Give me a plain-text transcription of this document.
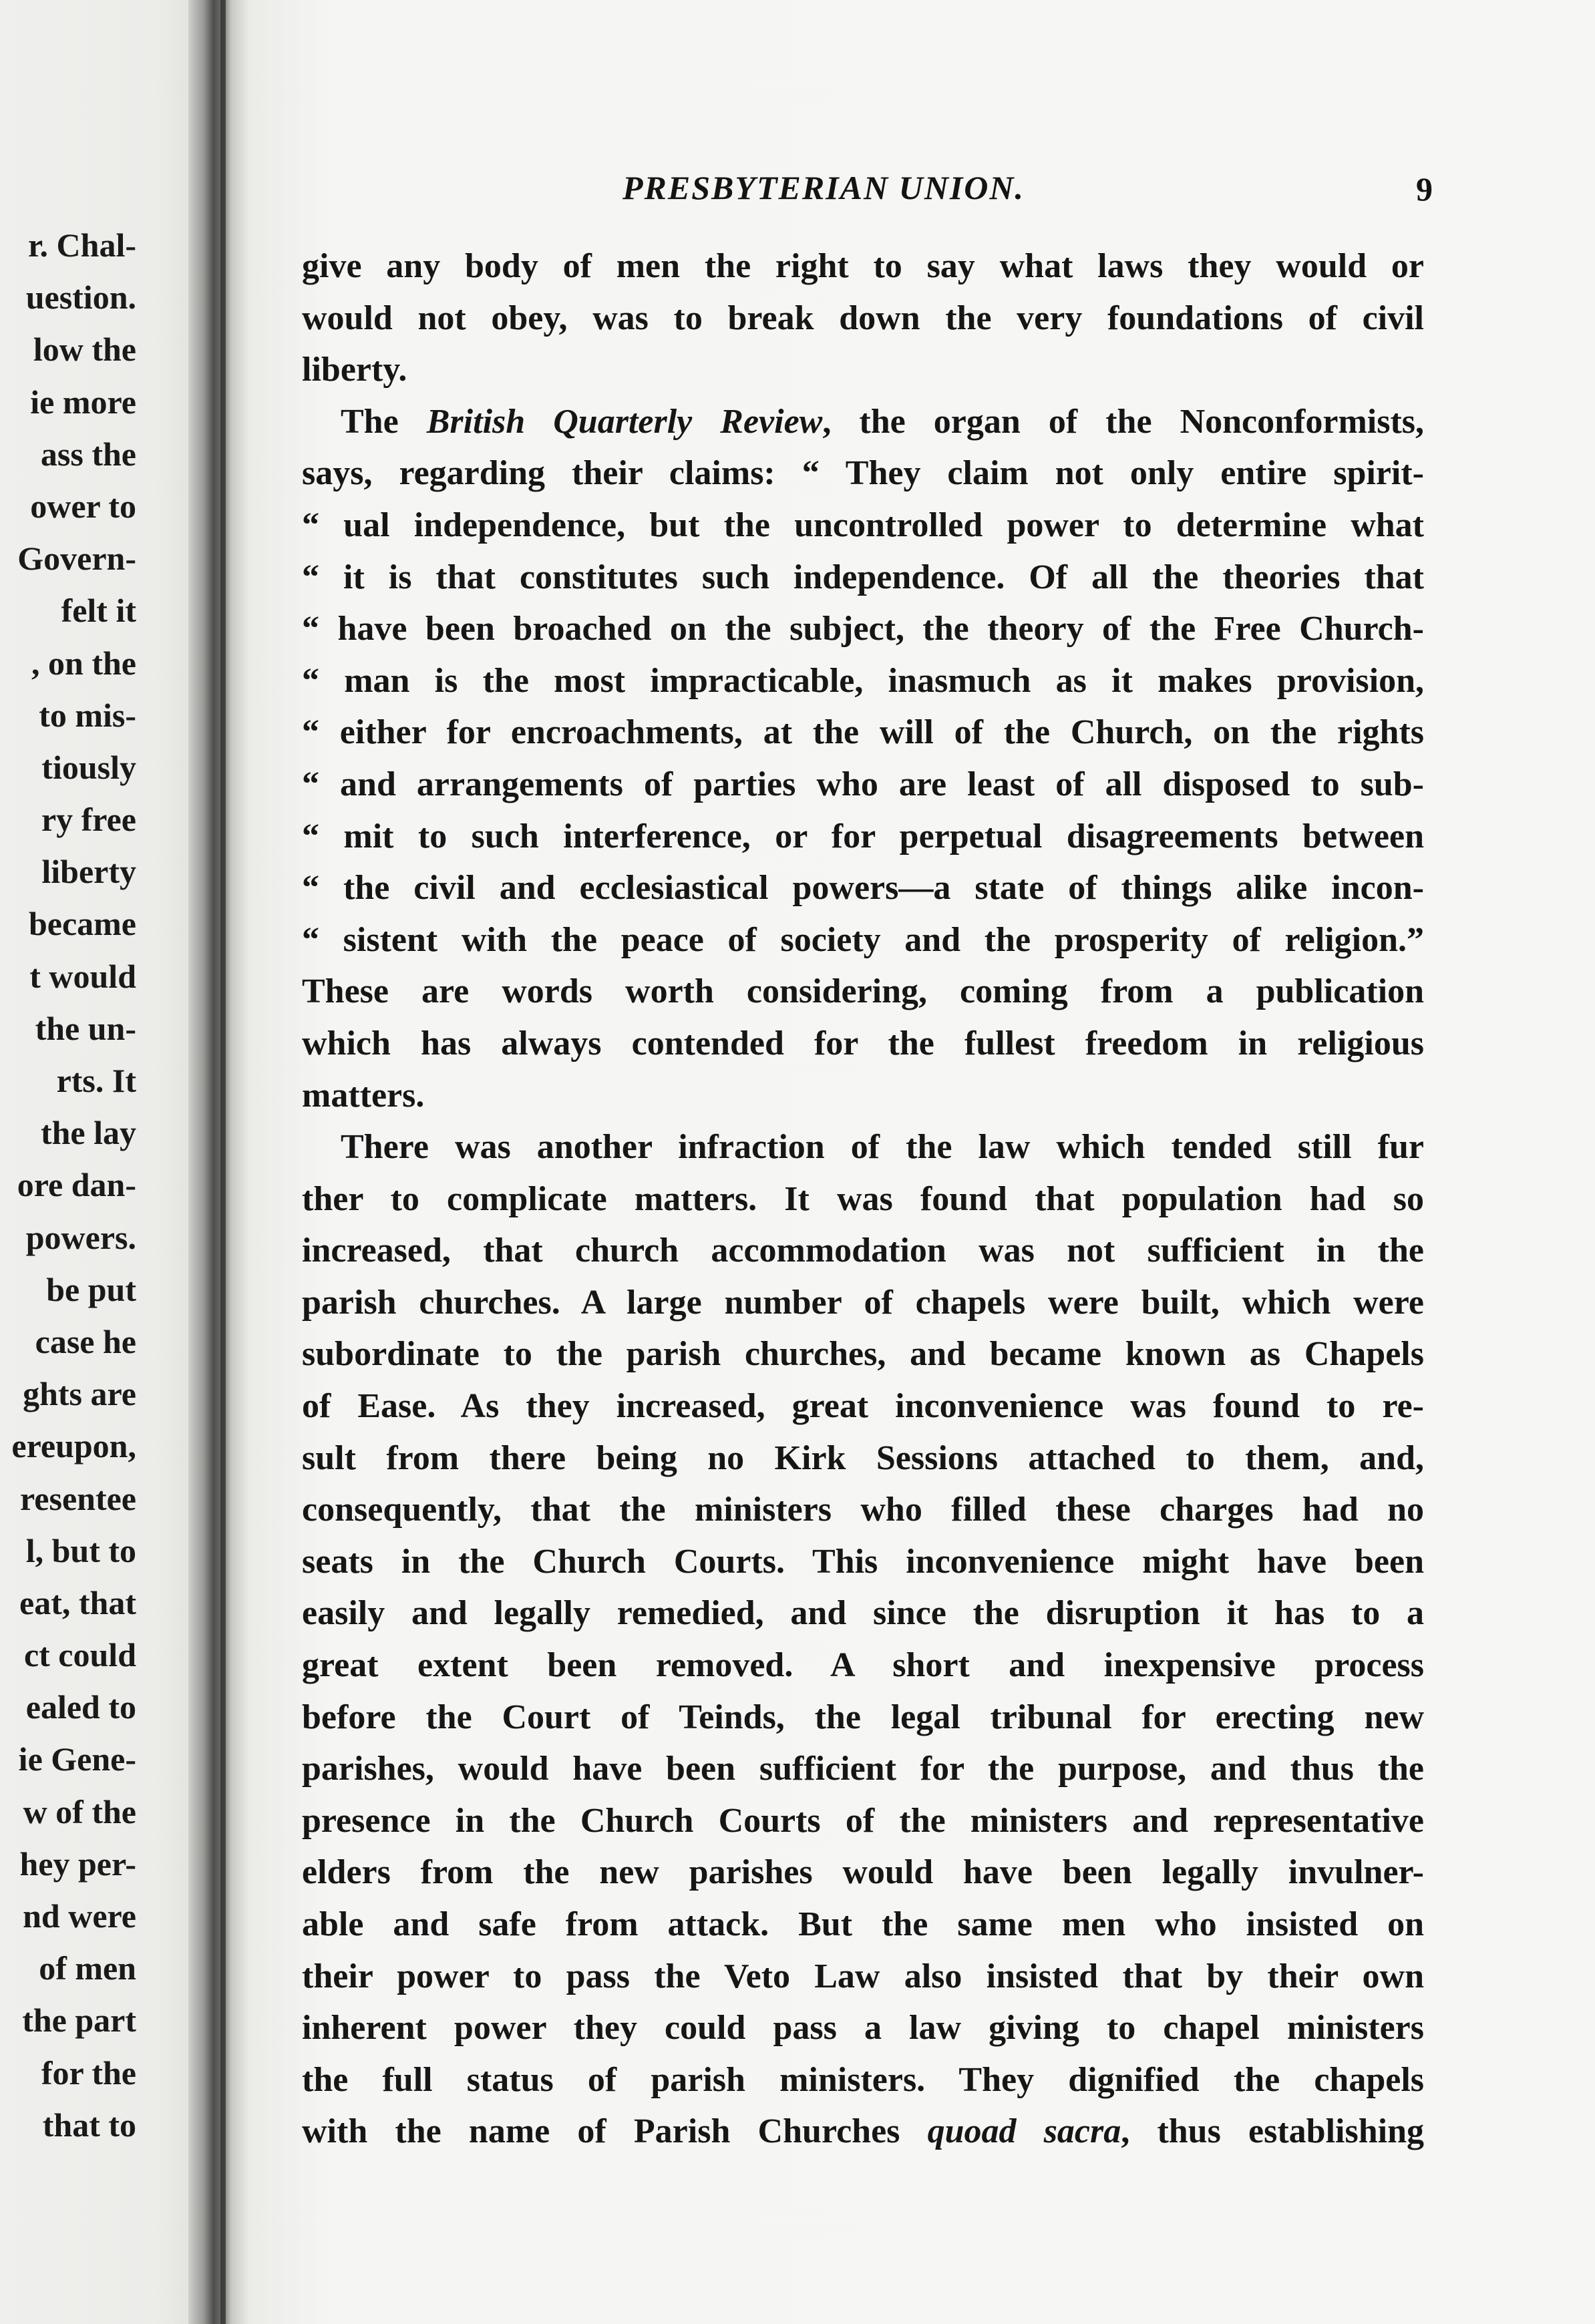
r. Chal-
uestion.
low the
ie more
ass the
ower to
Govern-
felt it
, on the
to mis-
tiously
ry free
liberty
became
t would
the un-
rts. It
the lay
ore dan-
powers.
be put
case he
ghts are
ereupon,
resentee
l, but to
eat, that
ct could
ealed to
ie Gene-
w of the
hey per-
nd were
of men
the part
for the
that to
PRESBYTERIAN UNION.	9
give any body of men the right to say what laws they would or
would not obey, was to break down the very foundations of civil
liberty.
The British Quarterly Review, the organ of the Nonconformists,
says, regarding their claims: “ They claim not only entire spirit-
“ ual independence, but the uncontrolled power to determine what
“ it is that constitutes such independence. Of all the theories that
“ have been broached on the subject, the theory of the Free Church-
“ man is the most impracticable, inasmuch as it makes provision,
“ either for encroachments, at the will of the Church, on the rights
“ and arrangements of parties who are least of all disposed to sub-
“ mit to such interference, or for perpetual disagreements between
“ the civil and ecclesiastical powers—a state of things alike incon-
“ sistent with the peace of society and the prosperity of religion.”
These are words worth considering, coming from a publication
which has always contended for the fullest freedom in religious
matters.
There was another infraction of the law which tended still fur
ther to complicate matters. It was found that population had so
increased, that church accommodation was not sufficient in the
parish churches. A large number of chapels were built, which were
subordinate to the parish churches, and became known as Chapels
of Ease. As they increased, great inconvenience was found to re-
sult from there being no Kirk Sessions attached to them, and,
consequently, that the ministers who filled these charges had no
seats in the Church Courts. This inconvenience might have been
easily and legally remedied, and since the disruption it has to a
great extent been removed. A short and inexpensive process
before the Court of Teinds, the legal tribunal for erecting new
parishes, would have been sufficient for the purpose, and thus the
presence in the Church Courts of the ministers and representative
elders from the new parishes would have been legally invulner-
able and safe from attack. But the same men who insisted on
their power to pass the Veto Law also insisted that by their own
inherent power they could pass a law giving to chapel ministers
the full status of parish ministers. They dignified the chapels
with the name of Parish Churches quoad sacra, thus establishing
